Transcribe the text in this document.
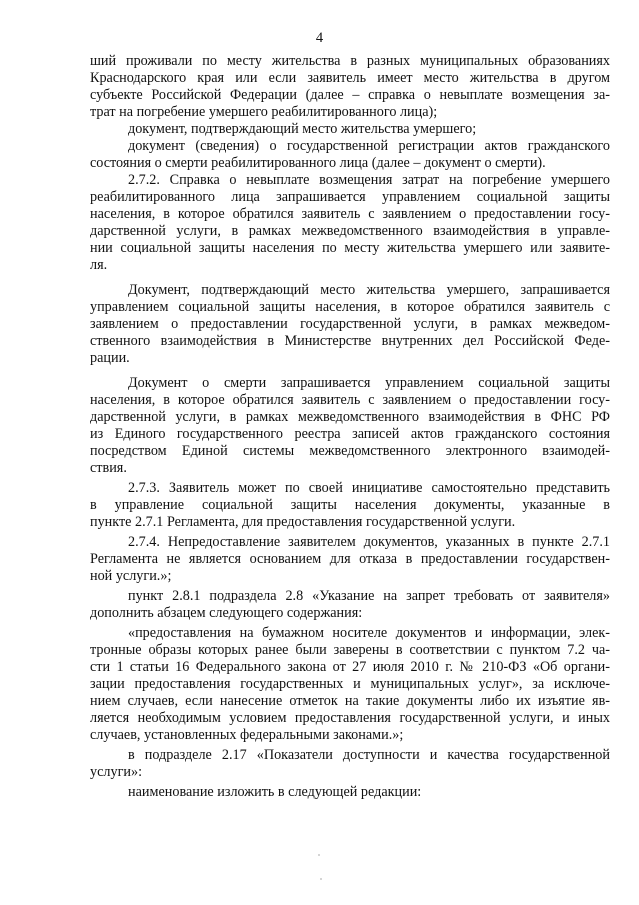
4
ший проживали по месту жительства в разных муниципальных образованиях
Краснодарского края или если заявитель имеет место жительства в другом
субъекте Российской Федерации (далее – справка о невыплате возмещения за-
трат на погребение умершего реабилитированного лица);
документ, подтверждающий место жительства умершего;
документ (сведения) о государственной регистрации актов гражданского
состояния о смерти реабилитированного лица (далее – документ о смерти).
2.7.2. Справка о невыплате возмещения затрат на погребение умершего
реабилитированного лица запрашивается управлением социальной защиты
населения, в которое обратился заявитель с заявлением о предоставлении госу-
дарственной услуги, в рамках межведомственного взаимодействия в управле-
нии социальной защиты населения по месту жительства умершего или заявите-
ля.
Документ, подтверждающий место жительства умершего, запрашивается
управлением социальной защиты населения, в которое обратился заявитель с
заявлением о предоставлении государственной услуги, в рамках межведом-
ственного взаимодействия в Министерстве внутренних дел Российской Феде-
рации.
Документ о смерти запрашивается управлением социальной защиты
населения, в которое обратился заявитель с заявлением о предоставлении госу-
дарственной услуги, в рамках межведомственного взаимодействия в ФНС РФ
из Единого государственного реестра записей актов гражданского состояния
посредством Единой системы межведомственного электронного взаимодей-
ствия.
2.7.3. Заявитель может по своей инициативе самостоятельно представить
в управление социальной защиты населения документы, указанные в
пункте 2.7.1 Регламента, для предоставления государственной услуги.
2.7.4. Непредоставление заявителем документов, указанных в пункте 2.7.1
Регламента не является основанием для отказа в предоставлении государствен-
ной услуги.»;
пункт 2.8.1 подраздела 2.8 «Указание на запрет требовать от заявителя»
дополнить абзацем следующего содержания:
«предоставления на бумажном носителе документов и информации, элек-
тронные образы которых ранее были заверены в соответствии с пунктом 7.2 ча-
сти 1 статьи 16 Федерального закона от 27 июля 2010 г. № 210-ФЗ «Об органи-
зации предоставления государственных и муниципальных услуг», за исключе-
нием случаев, если нанесение отметок на такие документы либо их изъятие яв-
ляется необходимым условием предоставления государственной услуги, и иных
случаев, установленных федеральными законами.»;
в подразделе 2.17 «Показатели доступности и качества государственной
услуги»:
наименование изложить в следующей редакции:
